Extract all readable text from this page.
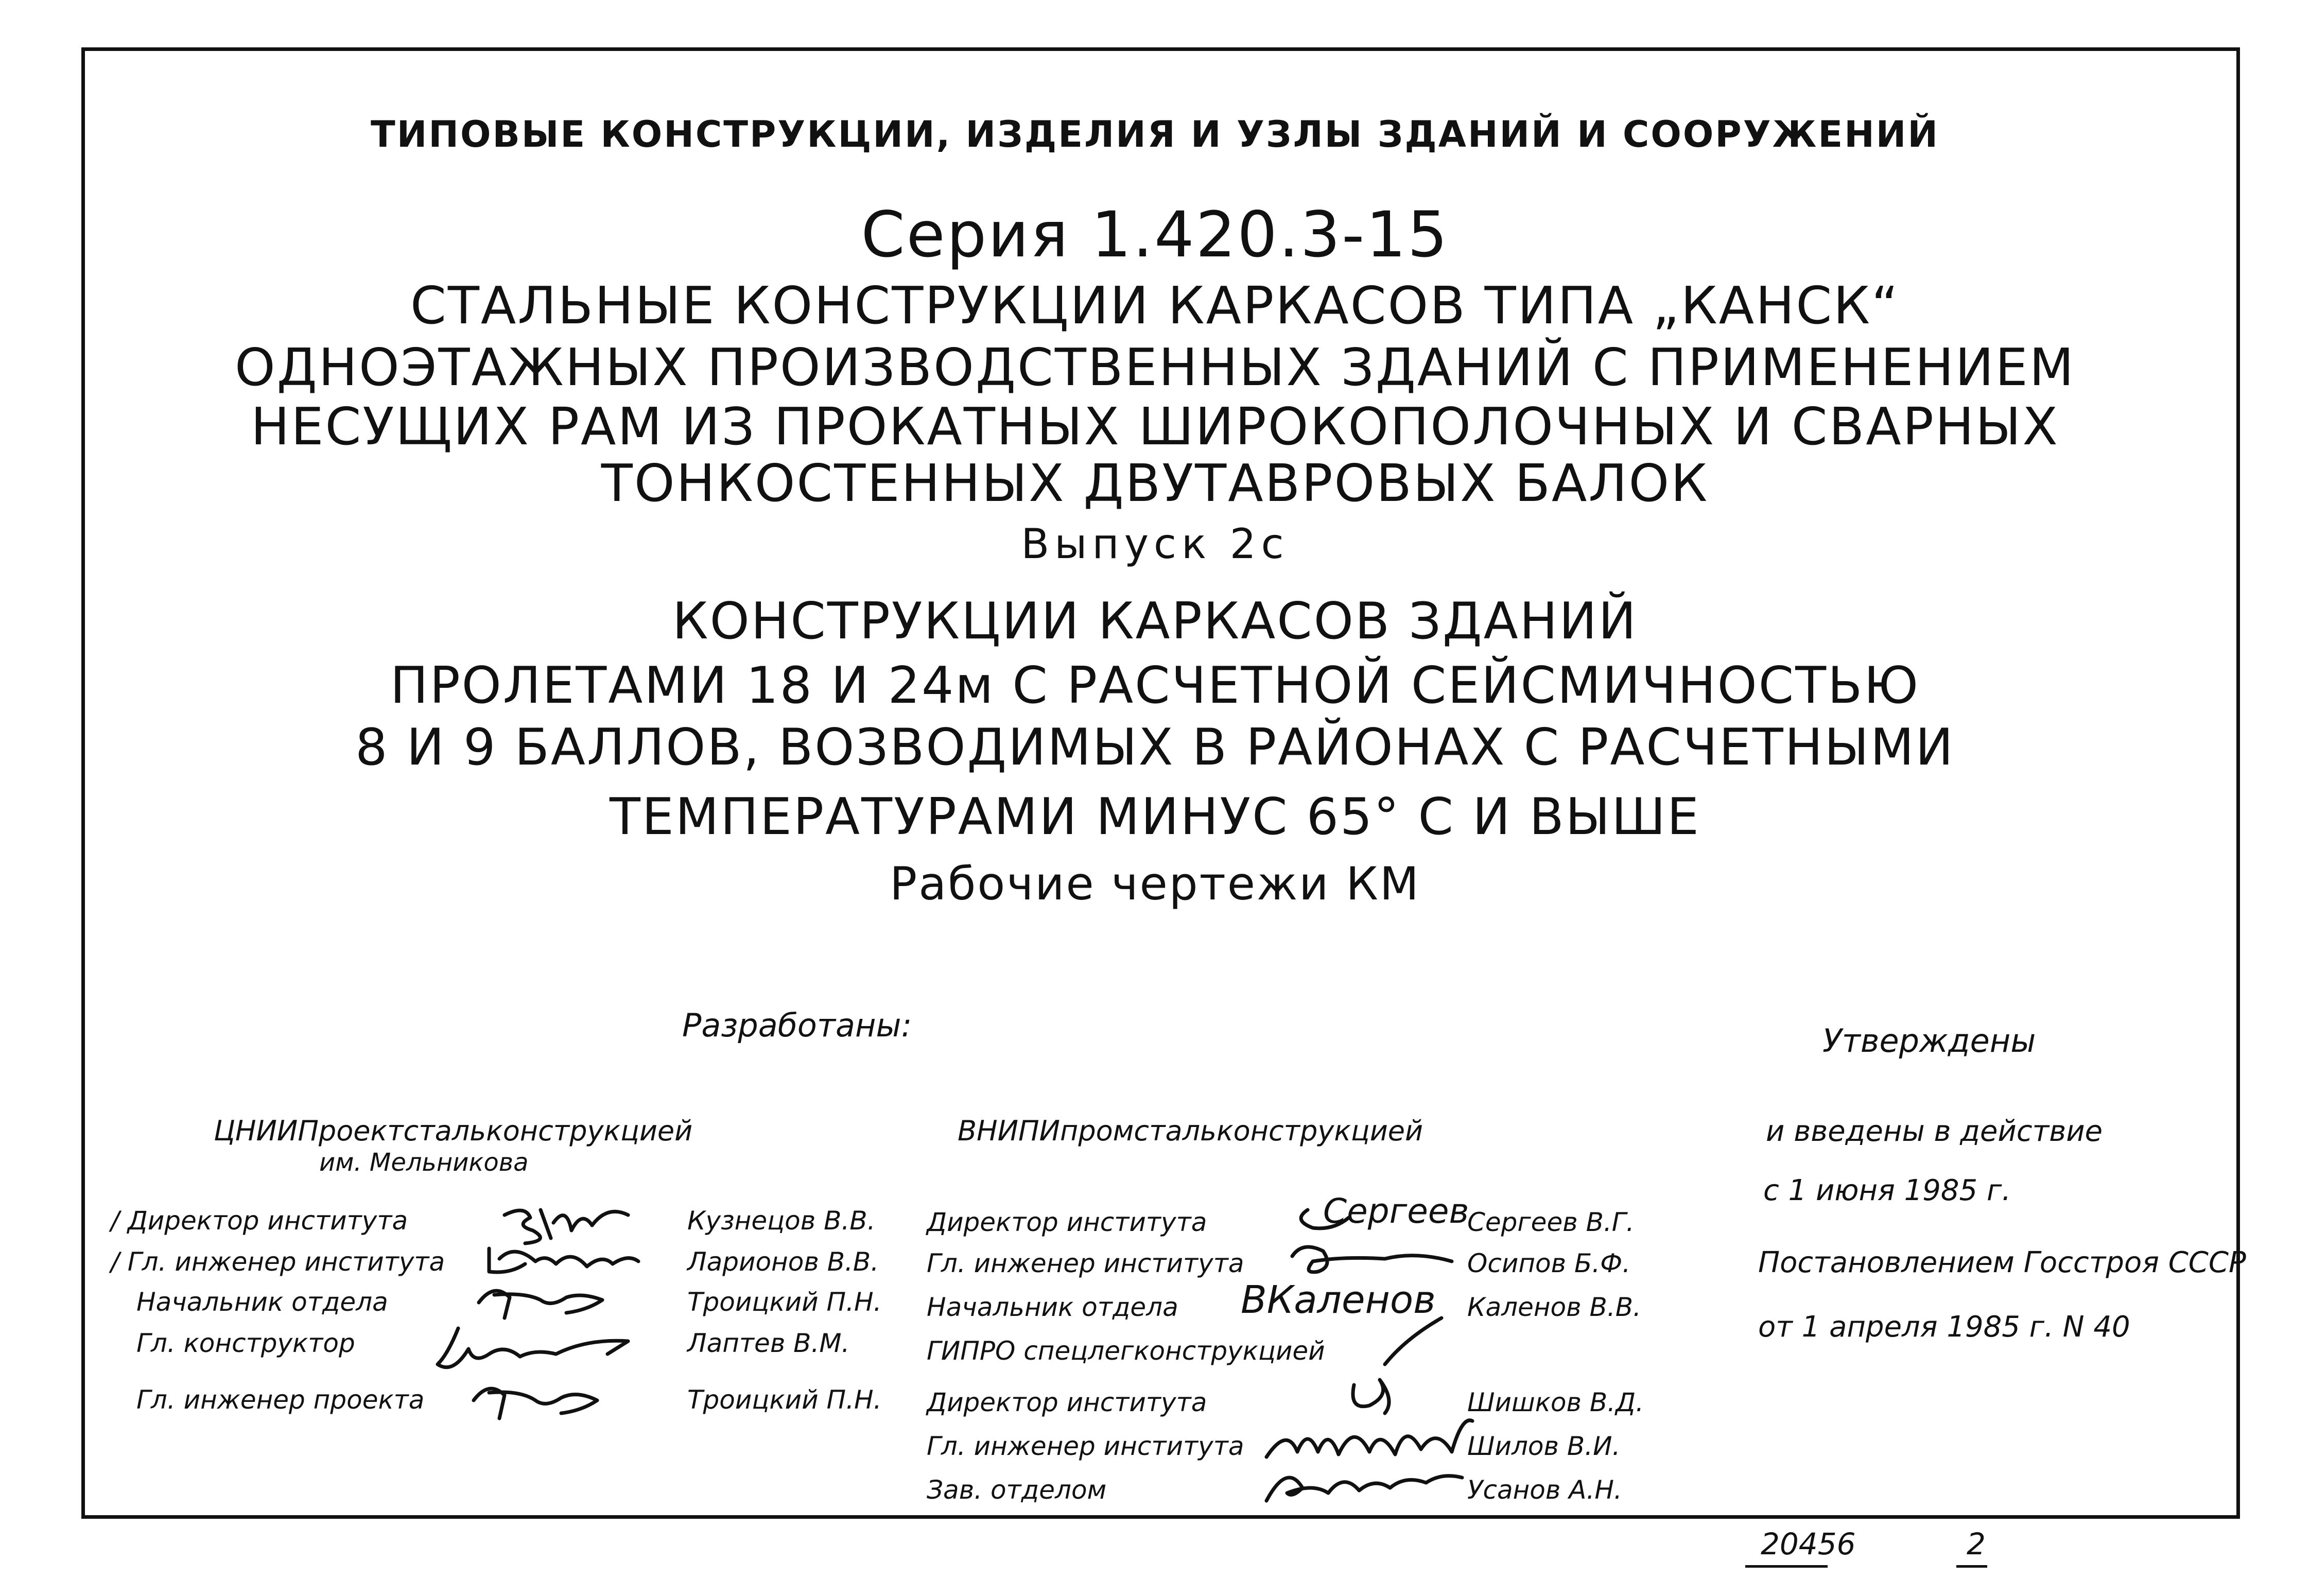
ТИПОВЫЕ КОНСТРУКЦИИ, ИЗДЕЛИЯ И УЗЛЫ ЗДАНИЙ И СООРУЖЕНИЙ
Серия 1.420.3-15
СТАЛЬНЫЕ КОНСТРУКЦИИ КАРКАСОВ ТИПА „КАНСК“
ОДНОЭТАЖНЫХ ПРОИЗВОДСТВЕННЫХ ЗДАНИЙ С ПРИМЕНЕНИЕМ
НЕСУЩИХ РАМ ИЗ ПРОКАТНЫХ ШИРОКОПОЛОЧНЫХ И СВАРНЫХ
ТОНКОСТЕННЫХ ДВУТАВРОВЫХ БАЛОК
Выпуск 2с
КОНСТРУКЦИИ КАРКАСОВ ЗДАНИЙ
ПРОЛЕТАМИ 18 И 24м С РАСЧЕТНОЙ СЕЙСМИЧНОСТЬЮ
8 И 9 БАЛЛОВ, ВОЗВОДИМЫХ В РАЙОНАХ С РАСЧЕТНЫМИ
ТЕМПЕРАТУРАМИ МИНУС 65° С И ВЫШЕ
Рабочие чертежи КМ
Разработаны:	Утверждены
и введены в действие
с 1 июня 1985 г.
Постановлением Госстроя СССР
от 1 апреля 1985 г. N 40
ЦНИИПроектстальконструкцией
им. Мельникова
/ Директор института	Кузнецов В.В.
/ Гл. инженер института	Ларионов В.В.
Начальник отдела	Троицкий П.Н.
Гл. конструктор	Лаптев В.М.
Гл. инженер проекта	Троицкий П.Н.
ВНИПИпромстальконструкцией
Директор института	Сергеев В.Г.
Гл. инженер института	Осипов Б.Ф.
Начальник отдела	Каленов В.В.
ГИПРО спецлегконструкцией
Директор института	Шишков В.Д.
Гл. инженер института	Шилов В.И.
Зав. отделом	Усанов А.Н.
Сергеев
ВКаленов
20456	2
